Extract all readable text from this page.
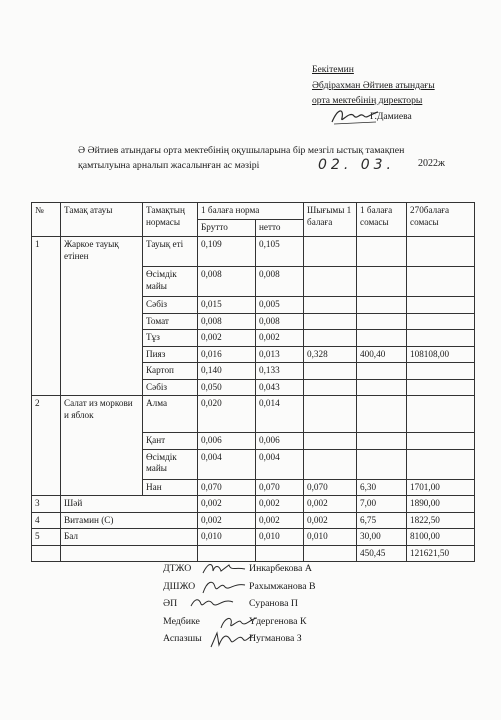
Бекітемин
Әбдірахман Әйтиев атындағы
орта мектебінің директоры
Г.Дамиева
Ә Әйтиев атындағы орта мектебінің оқушыларына бір мезгіл ыстық тамақпен
қамтылуына арналып жасалынған ас мәзірі	02. 03. 2022ж
№	Тамақ атауы	Тамақтың нормасы	1 балаға норма		Шығымы 1 балаға	1 балаға сомасы	270балаға сомасы
			Брутто	нетто			
1	Жаркое тауық етінен	Тауық еті	0,109	0,105			
		Өсімдік майы	0,008	0,008			
		Сәбіз	0,015	0,005			
		Томат	0,008	0,008			
		Тұз	0,002	0,002			
		Пияз	0,016	0,013	0,328	400,40	108108,00
		Картоп	0,140	0,133			
		Сәбіз	0,050	0,043			
2	Салат из моркови и яблок	Алма	0,020	0,014			
		Қант	0,006	0,006			
		Өсімдік майы	0,004	0,004			
		Нан	0,070	0,070	0,070	6,30	1701,00
3	Шәй		0,002	0,002	0,002	7,00	1890,00
4	Витамин (С)		0,002	0,002	0,002	6,75	1822,50
5	Бал		0,010	0,010	0,010	30,00	8100,00
						450,45	121621,50
ДТЖО	Инкарбекова А
ДШЖО	Рахымжанова В
ӘП	Суранова П
Медбике	Үдергенова К
Аспазшы	Нугманова З
